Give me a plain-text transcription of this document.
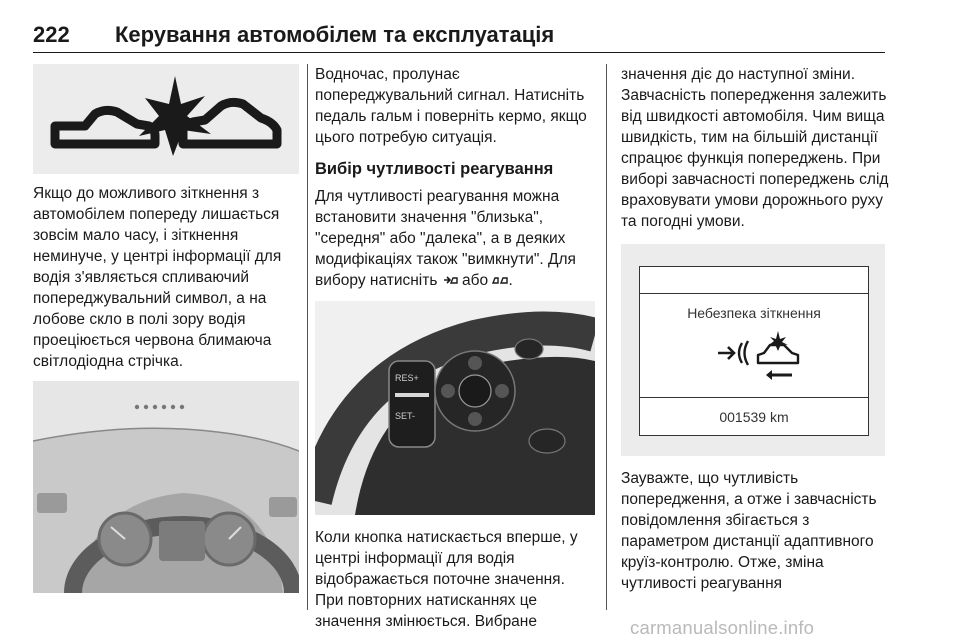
222 Керування автомобілем та експлуатація

Якщо до можливого зіткнення з автомобілем попереду лишається зовсім мало часу, і зіткнення неминуче, у центрі інформації для водія з'являється спливаючий попереджувальний символ, а на лобове скло в полі зору водія проеціюється червона блимаюча світлодіодна стрічка.

Водночас, пролунає попереджувальний сигнал. Натисніть педаль гальм і поверніть кермо, якщо цього потребую ситуація.

Вибір чутливості реагування

Для чутливості реагування можна встановити значення "близька", "середня" або "далека", а в деяких модифікаціях також "вимкнути". Для вибору натисніть або .

RES+
SET-

Коли кнопка натискається вперше, у центрі інформації для водія відображається поточне значення. При повторних натисканнях це значення змінюється. Вибране

значення діє до наступної зміни. Завчасність попередження залежить від швидкості автомобіля. Чим вища швидкість, тим на більшій дистанції спрацює функція попереджень. При виборі завчасності попереджень слід враховувати умови дорожнього руху та погодні умови.

Небезпека зіткнення
001539 km

Зауважте, що чутливість попередження, а отже і завчасність повідомлення збігається з параметром дистанції адаптивного круїз-контролю. Отже, зміна чутливості реагування

carmanualsonline.info
